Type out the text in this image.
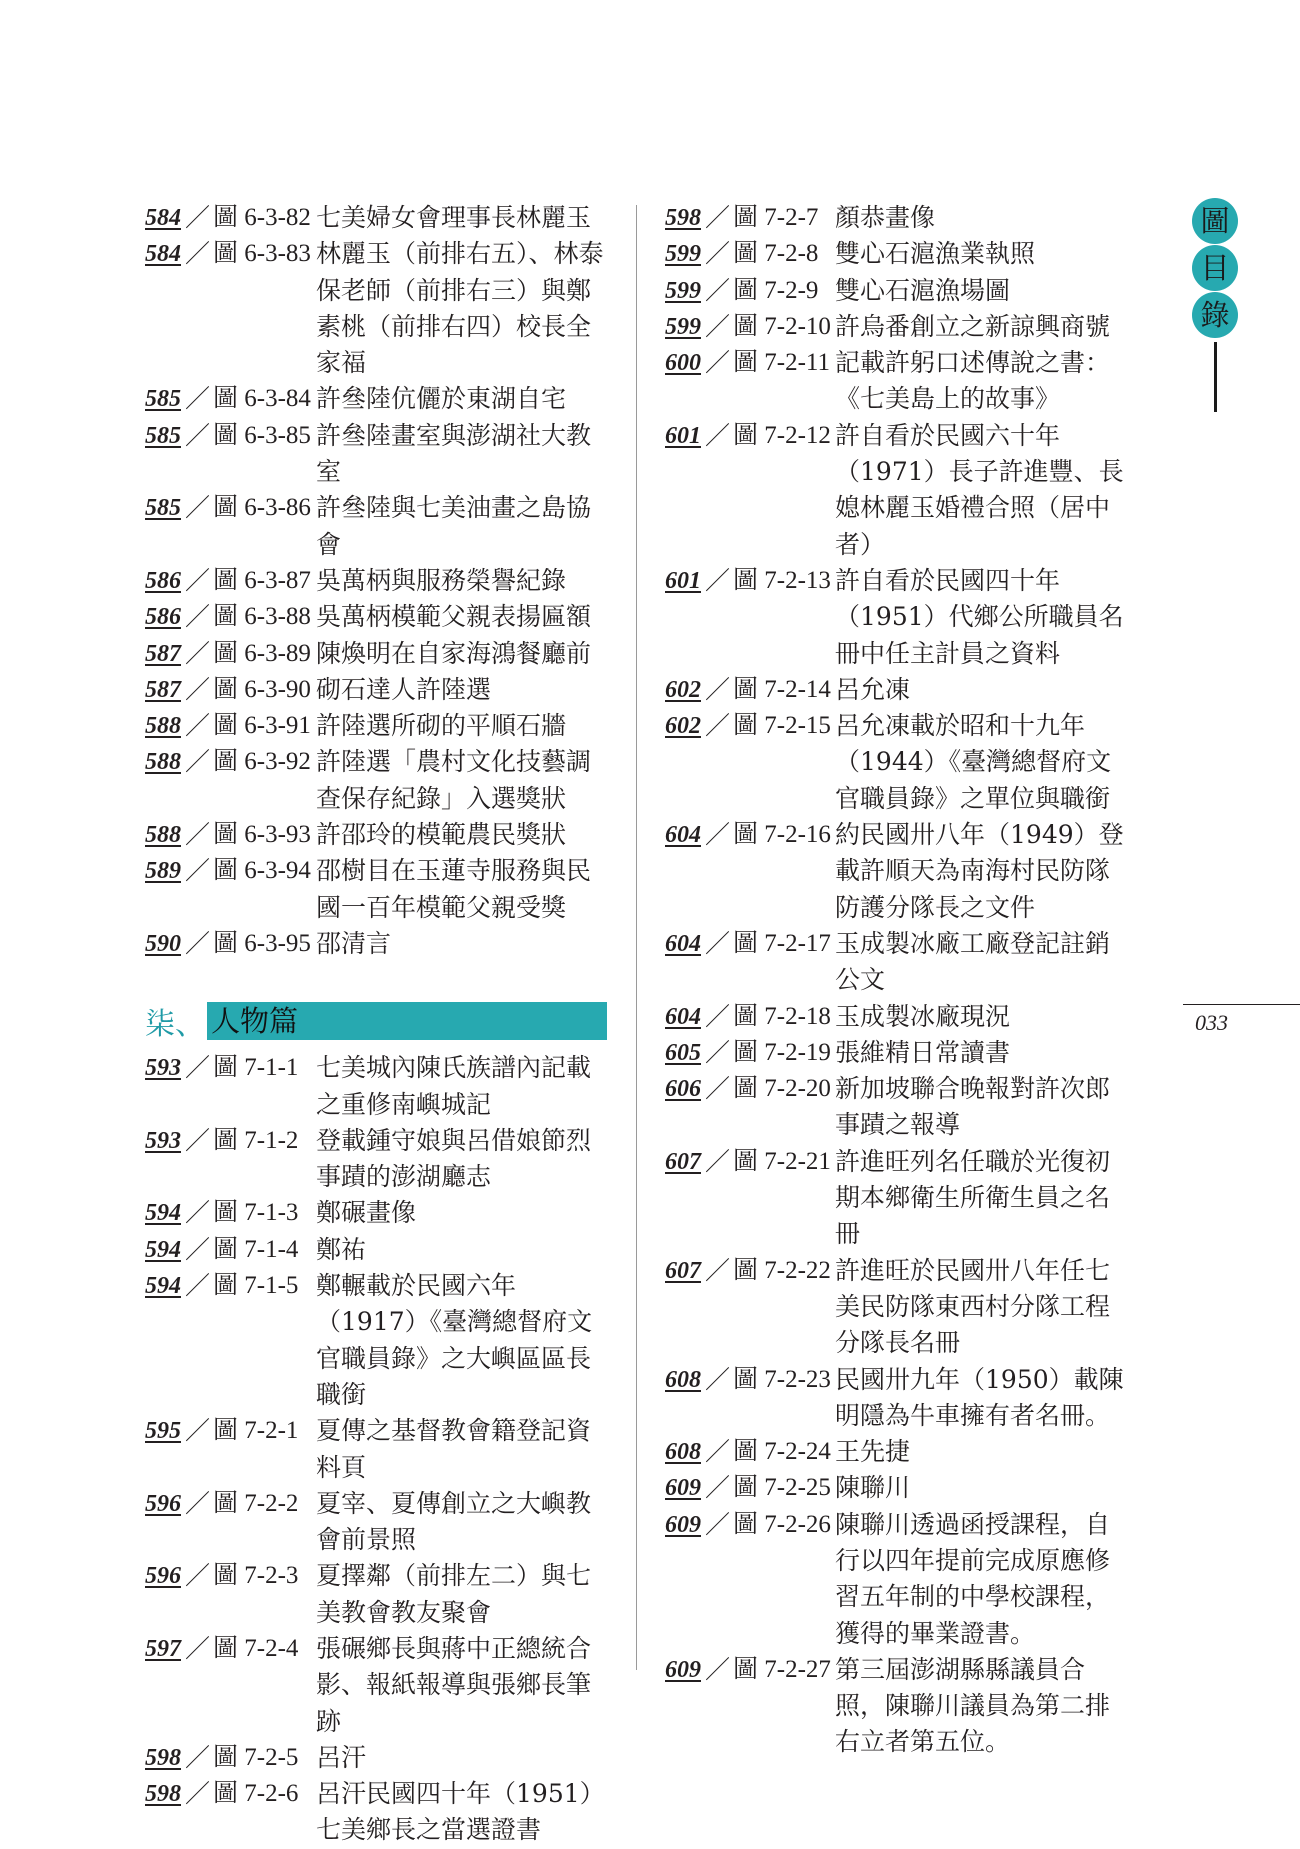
584 ／ 圖 6-3-82 七美婦女會理事長林麗玉
584 ／ 圖 6-3-83 林麗玉（前排右五）、林泰保老師（前排右三）與鄭素桃（前排右四）校長全家福
585 ／ 圖 6-3-84 許叄陸伉儷於東湖自宅
585 ／ 圖 6-3-85 許叄陸畫室與澎湖社大教室
585 ／ 圖 6-3-86 許叄陸與七美油畫之島協會
586 ／ 圖 6-3-87 吳萬柄與服務榮譽紀錄
586 ／ 圖 6-3-88 吳萬柄模範父親表揚匾額
587 ／ 圖 6-3-89 陳煥明在自家海鴻餐廳前
587 ／ 圖 6-3-90 砌石達人許陸選
588 ／ 圖 6-3-91 許陸選所砌的平順石牆
588 ／ 圖 6-3-92 許陸選「農村文化技藝調查保存紀錄」入選獎狀
588 ／ 圖 6-3-93 許邵玲的模範農民獎狀
589 ／ 圖 6-3-94 邵樹目在玉蓮寺服務與民國一百年模範父親受獎
590 ／ 圖 6-3-95 邵清言
柒、 人物篇
593 ／ 圖 7-1-1 七美城內陳氏族譜內記載之重修南嶼城記
593 ／ 圖 7-1-2 登載鍾守娘與呂借娘節烈事蹟的澎湖廳志
594 ／ 圖 7-1-3 鄭碾畫像
594 ／ 圖 7-1-4 鄭祐
594 ／ 圖 7-1-5 鄭輾載於民國六年（1917）《臺灣總督府文官職員錄》之大嶼區區長職銜
595 ／ 圖 7-2-1 夏傳之基督教會籍登記資料頁
596 ／ 圖 7-2-2 夏宰、夏傳創立之大嶼教會前景照
596 ／ 圖 7-2-3 夏擇鄰（前排左二）與七美教會教友聚會
597 ／ 圖 7-2-4 張碾鄉長與蔣中正總統合影、報紙報導與張鄉長筆跡
598 ／ 圖 7-2-5 呂汗
598 ／ 圖 7-2-6 呂汗民國四十年（1951）七美鄉長之當選證書
598 ／ 圖 7-2-7 顏恭畫像
599 ／ 圖 7-2-8 雙心石滬漁業執照
599 ／ 圖 7-2-9 雙心石滬漁場圖
599 ／ 圖 7-2-10 許烏番創立之新諒興商號
600 ／ 圖 7-2-11 記載許躬口述傳說之書：《七美島上的故事》
601 ／ 圖 7-2-12 許自看於民國六十年（1971）長子許進豐、長媳林麗玉婚禮合照（居中者）
601 ／ 圖 7-2-13 許自看於民國四十年（1951）代鄉公所職員名冊中任主計員之資料
602 ／ 圖 7-2-14 呂允凍
602 ／ 圖 7-2-15 呂允凍載於昭和十九年（1944）《臺灣總督府文官職員錄》之單位與職銜
604 ／ 圖 7-2-16 約民國卅八年（1949）登載許順天為南海村民防隊防護分隊長之文件
604 ／ 圖 7-2-17 玉成製冰廠工廠登記註銷公文
604 ／ 圖 7-2-18 玉成製冰廠現況
605 ／ 圖 7-2-19 張維精日常讀書
606 ／ 圖 7-2-20 新加坡聯合晚報對許次郎事蹟之報導
607 ／ 圖 7-2-21 許進旺列名任職於光復初期本鄉衛生所衛生員之名冊
607 ／ 圖 7-2-22 許進旺於民國卅八年任七美民防隊東西村分隊工程分隊長名冊
608 ／ 圖 7-2-23 民國卅九年（1950）載陳明隱為牛車擁有者名冊。
608 ／ 圖 7-2-24 王先捷
609 ／ 圖 7-2-25 陳聯川
609 ／ 圖 7-2-26 陳聯川透過函授課程，自行以四年提前完成原應修習五年制的中學校課程，獲得的畢業證書。
609 ／ 圖 7-2-27 第三屆澎湖縣縣議員合照，陳聯川議員為第二排右立者第五位。
圖
目
錄
033
